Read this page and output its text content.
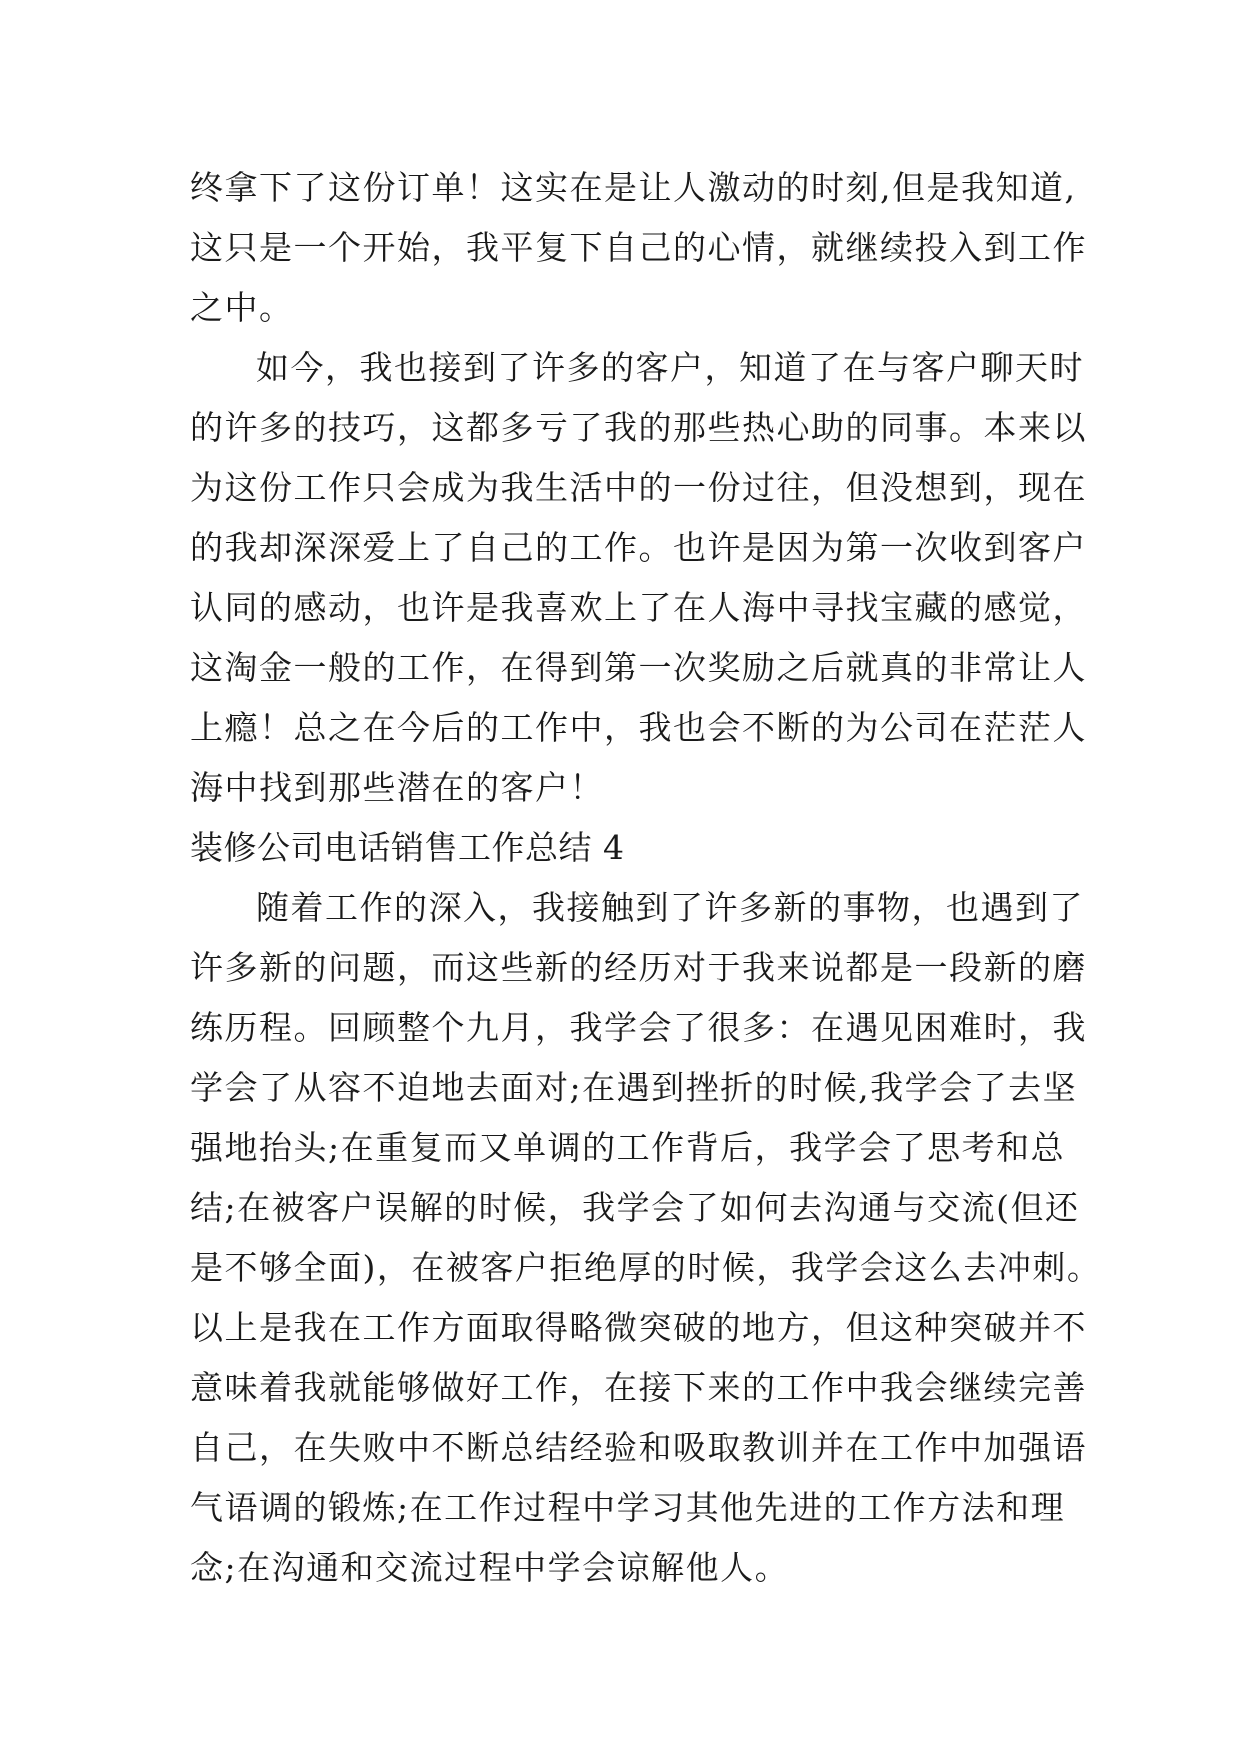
终拿下了这份订单！这实在是让人激动的时刻,但是我知道,
这只是一个开始，我平复下自己的心情，就继续投入到工作
之中。
如今，我也接到了许多的客户，知道了在与客户聊天时
的许多的技巧，这都多亏了我的那些热心助的同事。本来以
为这份工作只会成为我生活中的一份过往，但没想到，现在
的我却深深爱上了自己的工作。也许是因为第一次收到客户
认同的感动，也许是我喜欢上了在人海中寻找宝藏的感觉，
这淘金一般的工作，在得到第一次奖励之后就真的非常让人
上瘾！总之在今后的工作中，我也会不断的为公司在茫茫人
海中找到那些潜在的客户！
装修公司电话销售工作总结 4
随着工作的深入，我接触到了许多新的事物，也遇到了
许多新的问题，而这些新的经历对于我来说都是一段新的磨
练历程。回顾整个九月，我学会了很多：在遇见困难时，我
学会了从容不迫地去面对;在遇到挫折的时候,我学会了去坚
强地抬头;在重复而又单调的工作背后，我学会了思考和总
结;在被客户误解的时候，我学会了如何去沟通与交流(但还
是不够全面)，在被客户拒绝厚的时候，我学会这么去冲刺。
以上是我在工作方面取得略微突破的地方，但这种突破并不
意味着我就能够做好工作，在接下来的工作中我会继续完善
自己，在失败中不断总结经验和吸取教训并在工作中加强语
气语调的锻炼;在工作过程中学习其他先进的工作方法和理
念;在沟通和交流过程中学会谅解他人。
